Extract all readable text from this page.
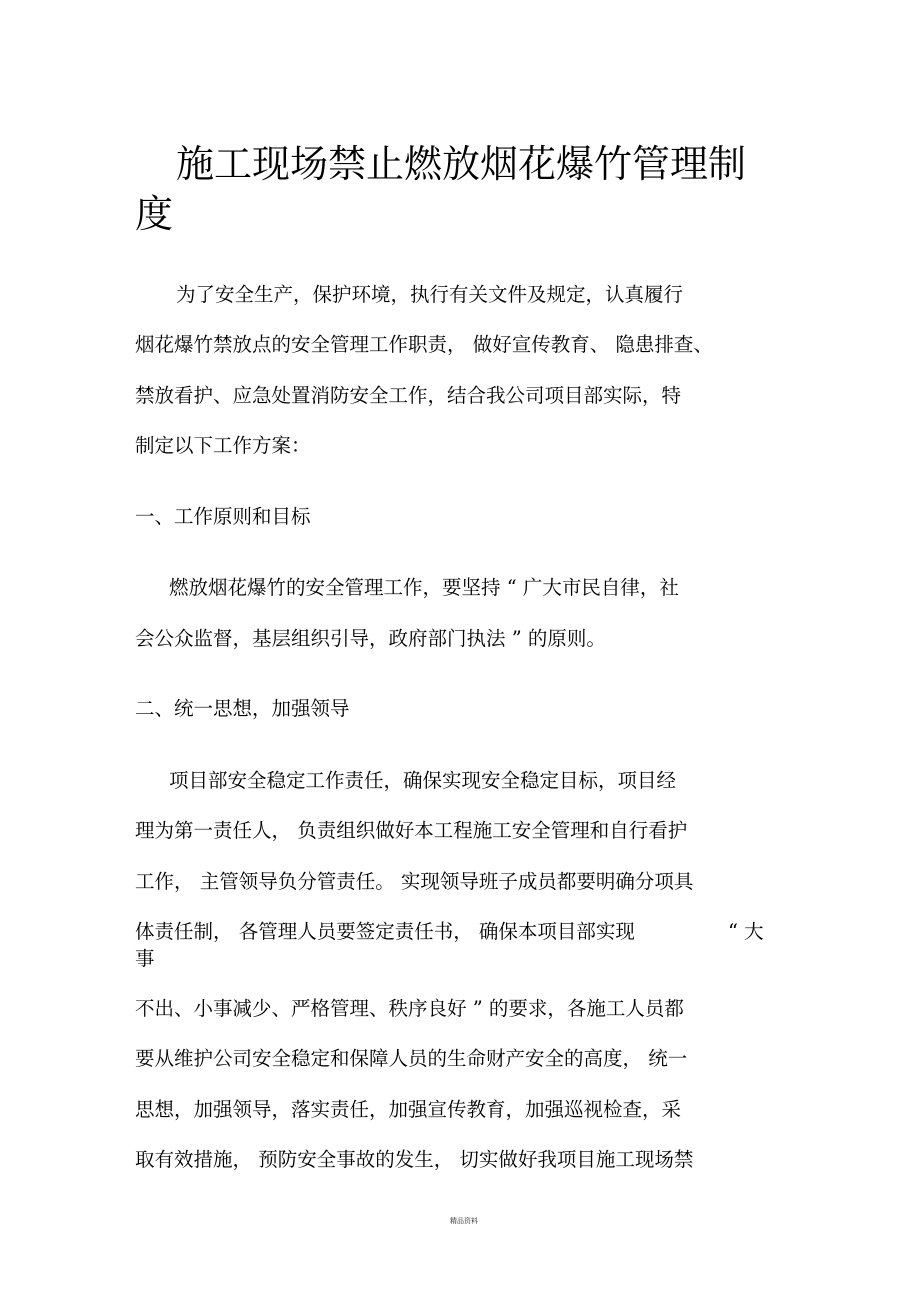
施工现场禁止燃放烟花爆竹管理制
度
为了安全生产，保护环境，执行有关文件及规定，认真履行
烟花爆竹禁放点的安全管理工作职责， 做好宣传教育、 隐患排查、
禁放看护、应急处置消防安全工作，结合我公司项目部实际，特
制定以下工作方案：
一、工作原则和目标
燃放烟花爆竹的安全管理工作，要坚持 “ 广大市民自律，社
会公众监督，基层组织引导，政府部门执法 ” 的原则。
二、统一思想，加强领导
项目部安全稳定工作责任，确保实现安全稳定目标，项目经
理为第一责任人， 负责组织做好本工程施工安全管理和自行看护
工作， 主管领导负分管责任。 实现领导班子成员都要明确分项具
体责任制， 各管理人员要签定责任书， 确保本项目部实现	“ 大
事
不出、小事减少、严格管理、秩序良好 ” 的要求，各施工人员都
要从维护公司安全稳定和保障人员的生命财产安全的高度， 统一
思想，加强领导，落实责任，加强宣传教育，加强巡视检查，采
取有效措施， 预防安全事故的发生， 切实做好我项目施工现场禁
精品资料
